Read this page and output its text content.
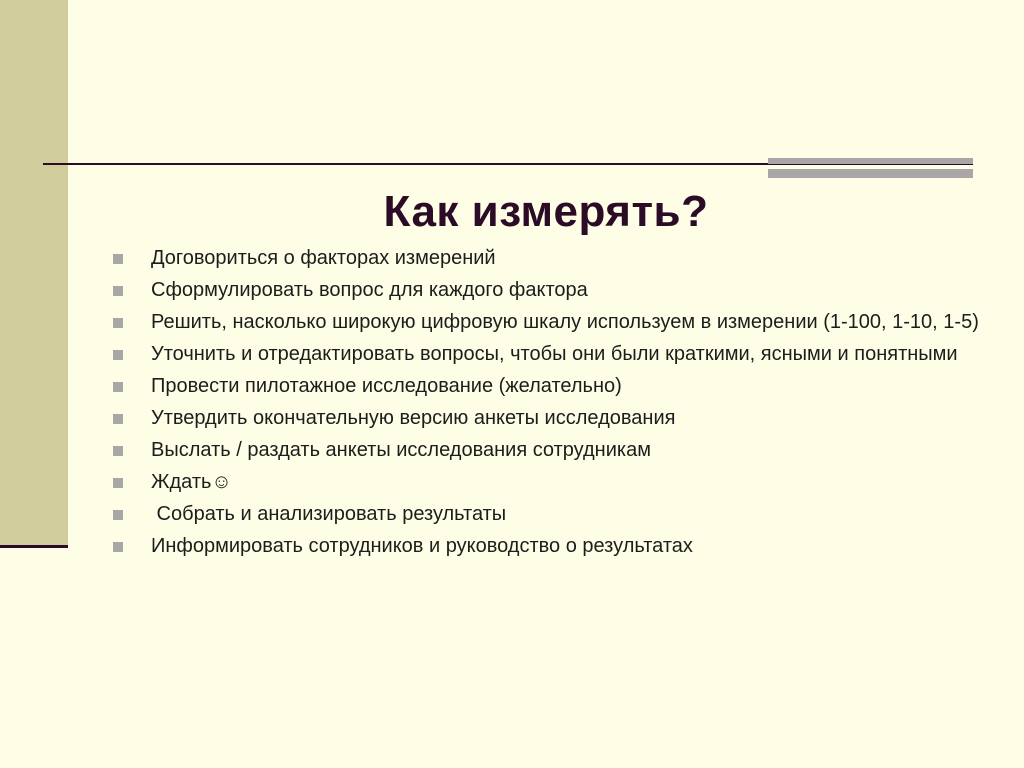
Как измерять?
Договориться о факторах измерений
Сформулировать вопрос для каждого фактора
Решить, насколько широкую цифровую шкалу используем в измерении (1-100, 1-10, 1-5)
Уточнить и отредактировать вопросы, чтобы они были краткими, ясными и понятными
Провести пилотажное исследование (желательно)
Утвердить окончательную версию анкеты исследования
Выслать / раздать анкеты исследования сотрудникам
Ждать☺
Собрать и анализировать результаты
Информировать сотрудников и руководство о результатах
